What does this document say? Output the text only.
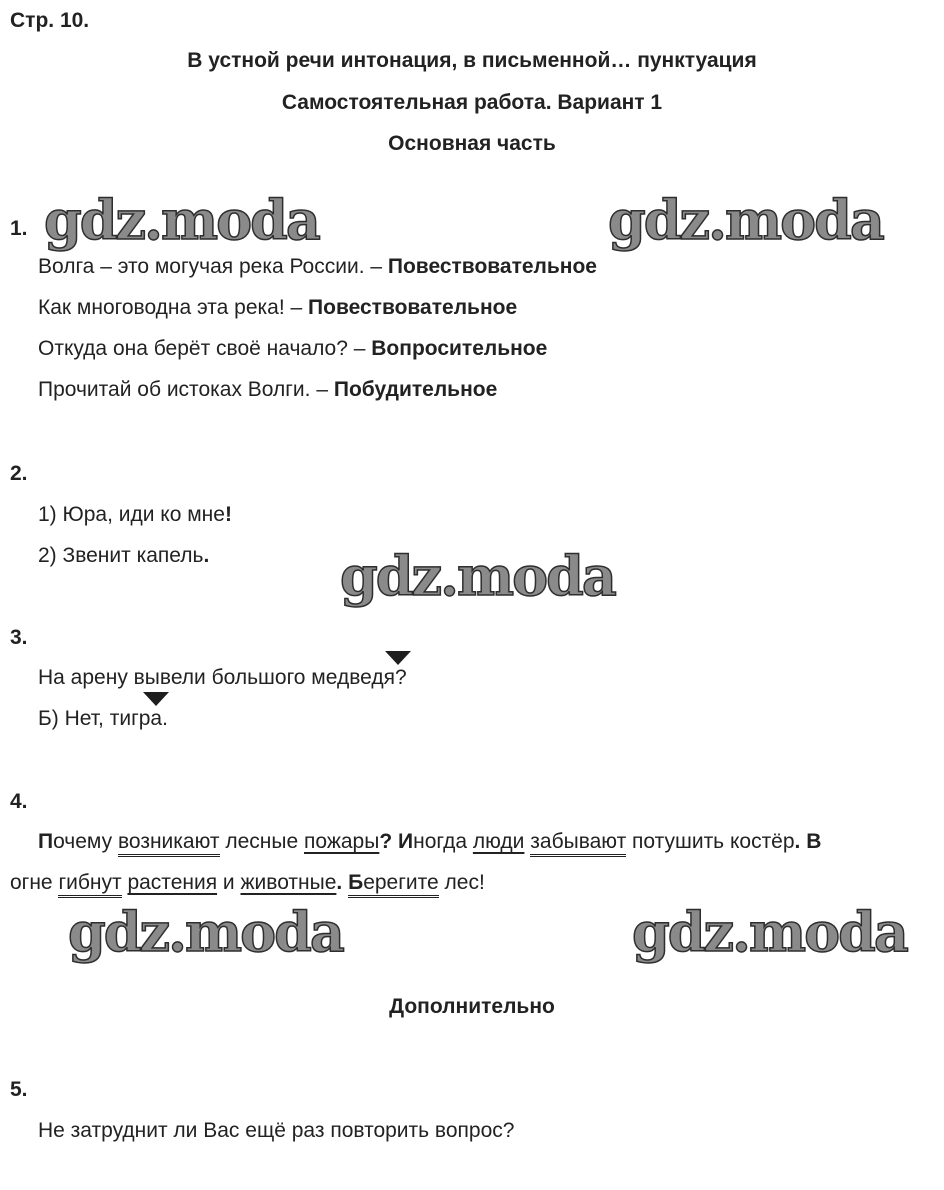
Стр. 10.
В устной речи интонация, в письменной… пунктуация
Самостоятельная работа. Вариант 1
Основная часть
gdz.moda	gdz.moda
gdz.moda
gdz.moda	gdz.moda
1.
Волга – это могучая река России. – Повествовательное
Как многоводна эта река! – Повествовательное
Откуда она берёт своё начало? – Вопросительное
Прочитай об истоках Волги. – Побудительное
2.
1) Юра, иди ко мне!
2) Звенит капель.
3.
На арену вывели большого медведя?
Б) Нет, тигра.
4.
Почему возникают лесные пожары? Иногда люди забывают потушить костёр. В
огне гибнут растения и животные. Берегите лес!
Дополнительно
5.
Не затруднит ли Вас ещё раз повторить вопрос?
